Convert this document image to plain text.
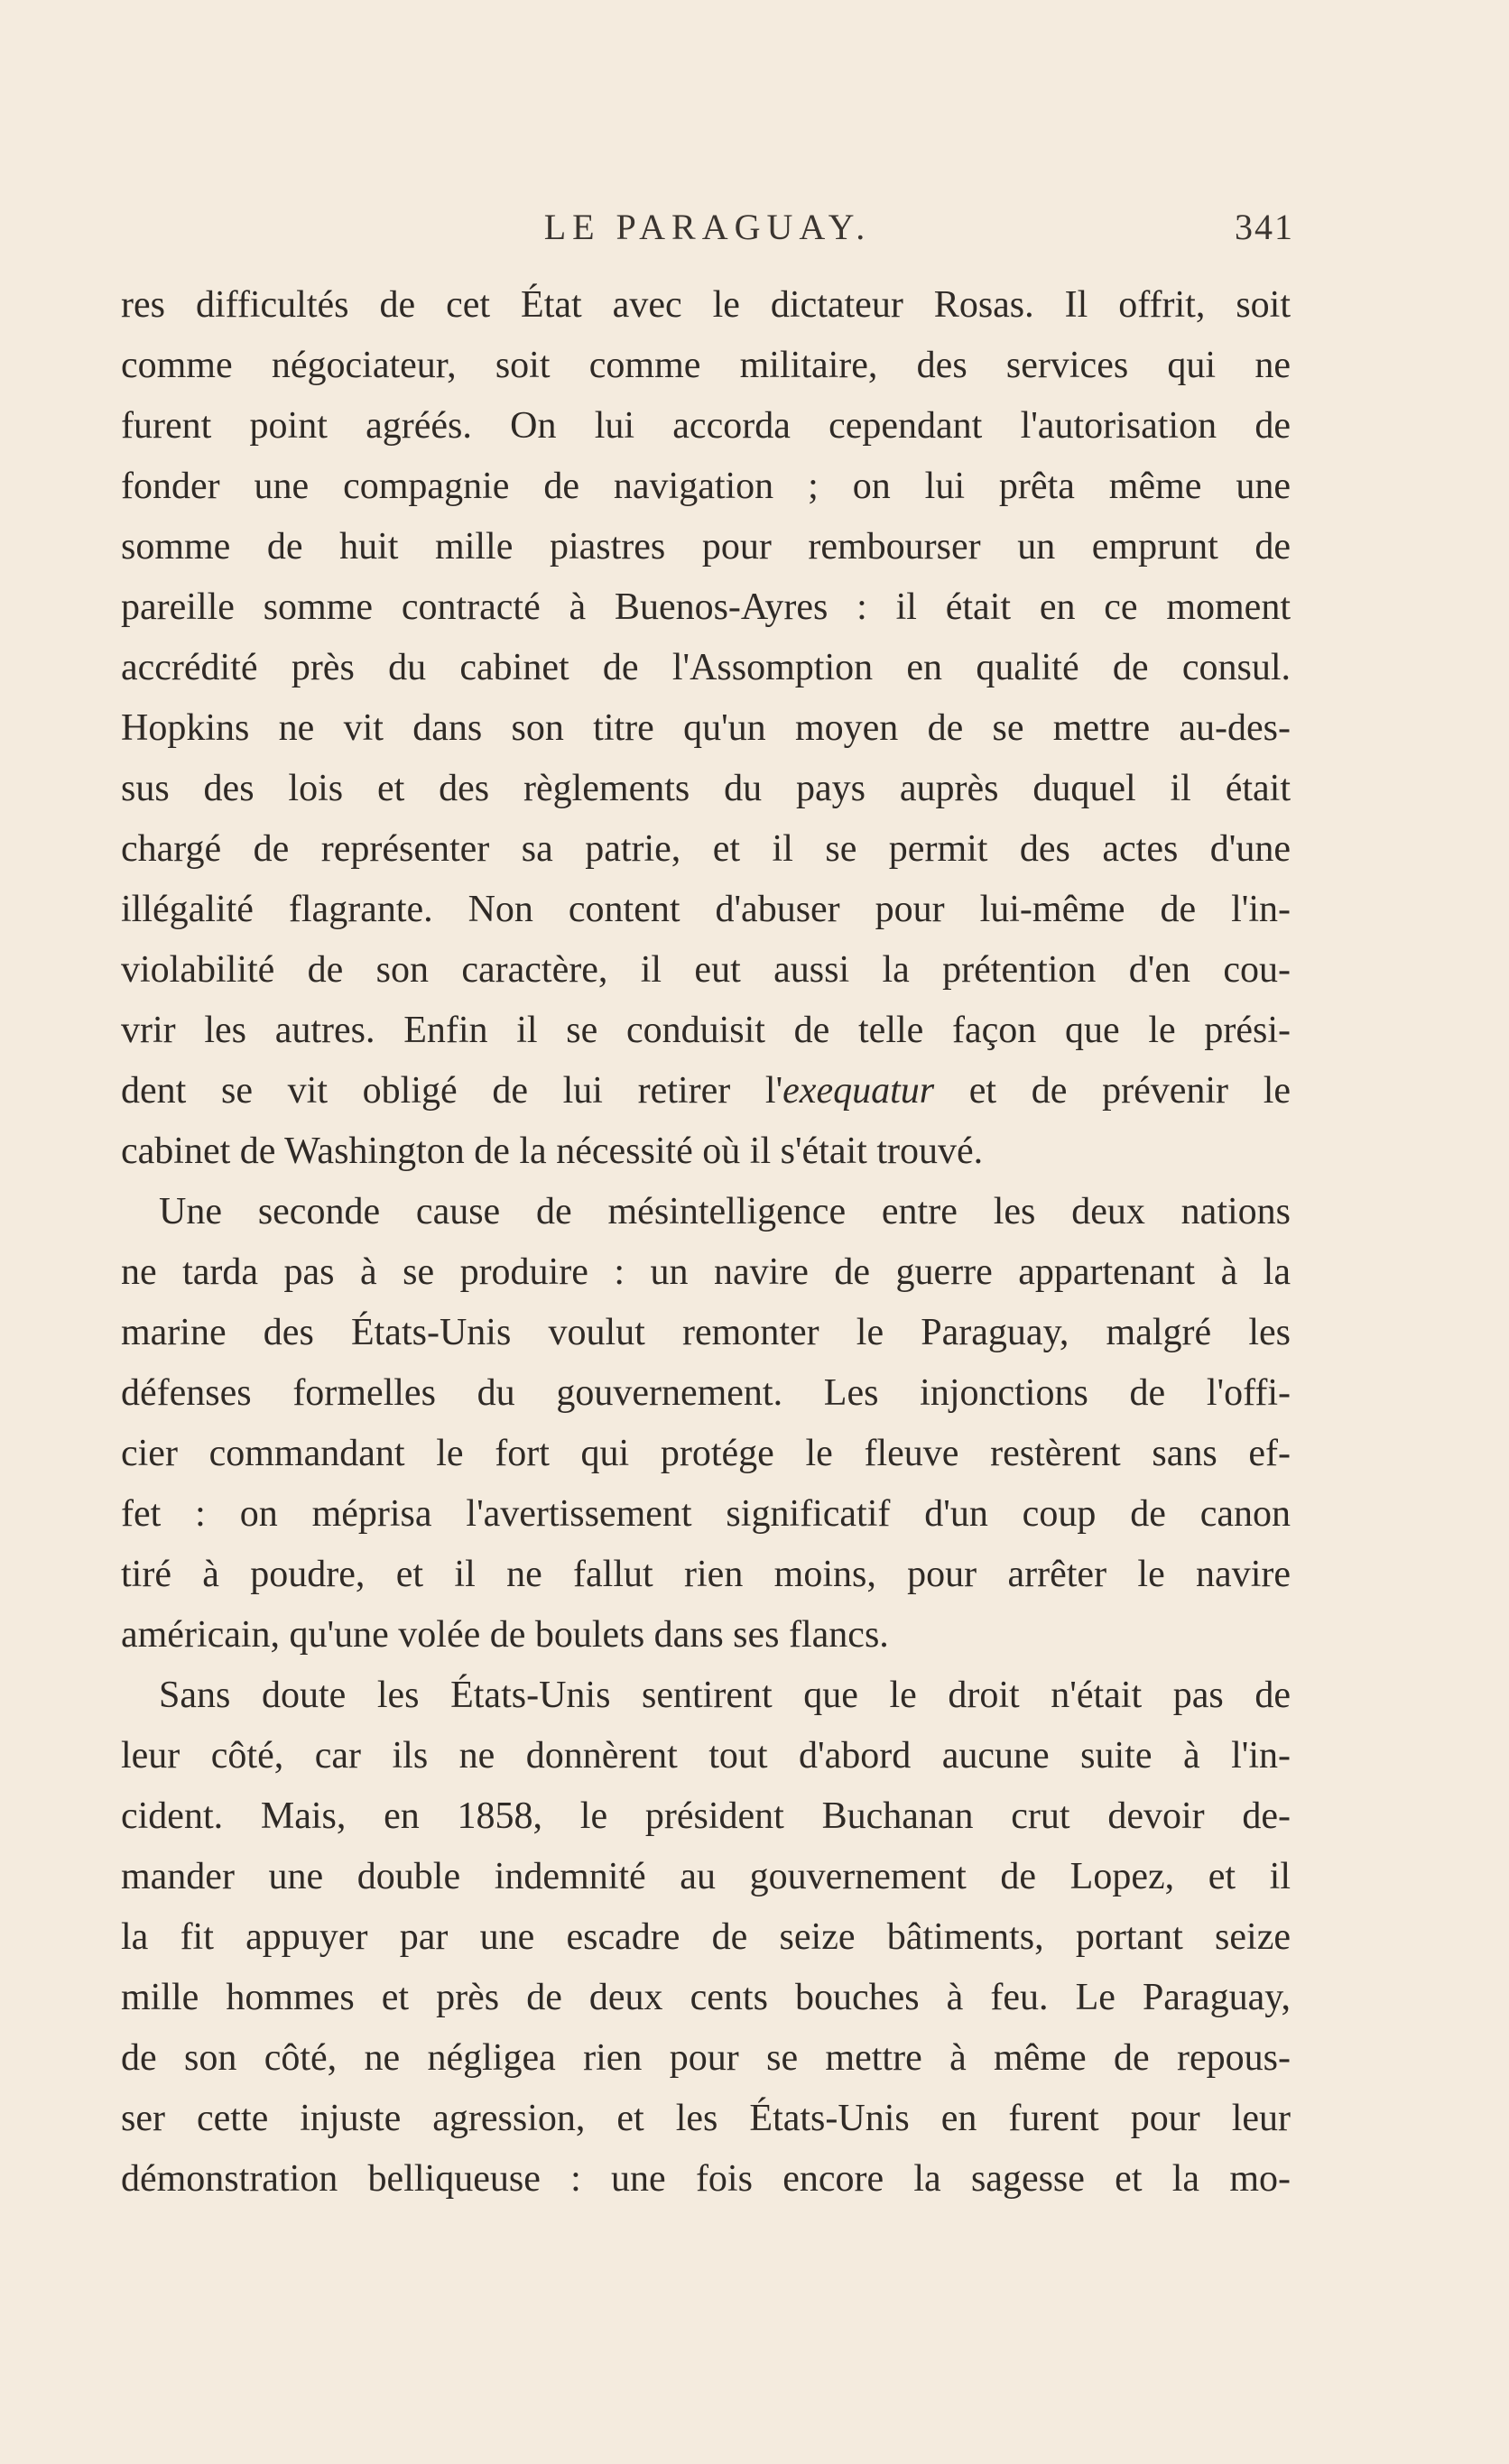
LE PARAGUAY.	341
res difficultés de cet État avec le dictateur Rosas. Il offrit, soit
comme négociateur, soit comme militaire, des services qui ne
furent point agréés. On lui accorda cependant l'autorisation de
fonder une compagnie de navigation ; on lui prêta même une
somme de huit mille piastres pour rembourser un emprunt de
pareille somme contracté à Buenos-Ayres : il était en ce moment
accrédité près du cabinet de l'Assomption en qualité de consul.
Hopkins ne vit dans son titre qu'un moyen de se mettre au-des-
sus des lois et des règlements du pays auprès duquel il était
chargé de représenter sa patrie, et il se permit des actes d'une
illégalité flagrante. Non content d'abuser pour lui-même de l'in-
violabilité de son caractère, il eut aussi la prétention d'en cou-
vrir les autres. Enfin il se conduisit de telle façon que le prési-
dent se vit obligé de lui retirer l'exequatur et de prévenir le
cabinet de Washington de la nécessité où il s'était trouvé.
Une seconde cause de mésintelligence entre les deux nations
ne tarda pas à se produire : un navire de guerre appartenant à la
marine des États-Unis voulut remonter le Paraguay, malgré les
défenses formelles du gouvernement. Les injonctions de l'offi-
cier commandant le fort qui protége le fleuve restèrent sans ef-
fet : on méprisa l'avertissement significatif d'un coup de canon
tiré à poudre, et il ne fallut rien moins, pour arrêter le navire
américain, qu'une volée de boulets dans ses flancs.
Sans doute les États-Unis sentirent que le droit n'était pas de
leur côté, car ils ne donnèrent tout d'abord aucune suite à l'in-
cident. Mais, en 1858, le président Buchanan crut devoir de-
mander une double indemnité au gouvernement de Lopez, et il
la fit appuyer par une escadre de seize bâtiments, portant seize
mille hommes et près de deux cents bouches à feu. Le Paraguay,
de son côté, ne négligea rien pour se mettre à même de repous-
ser cette injuste agression, et les États-Unis en furent pour leur
démonstration belliqueuse : une fois encore la sagesse et la mo-
